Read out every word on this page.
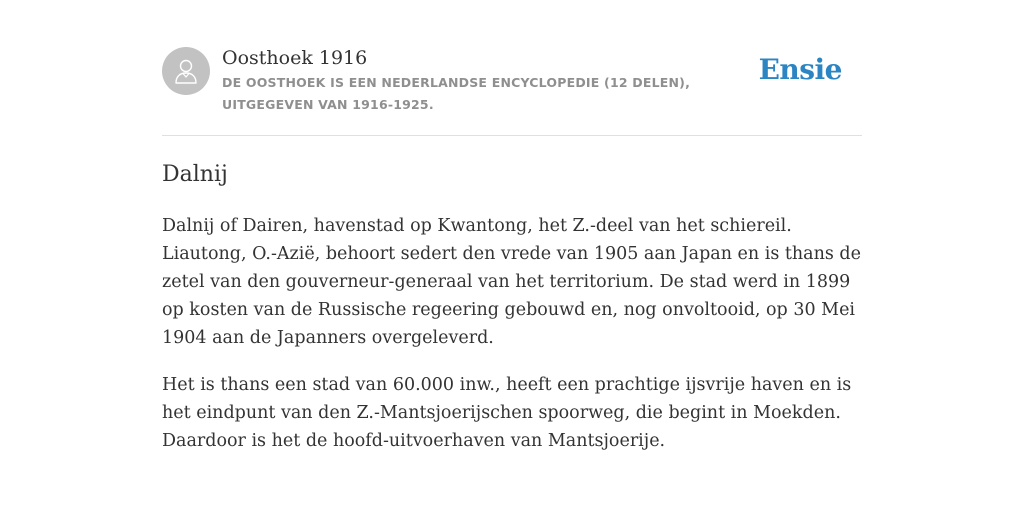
Oosthoek 1916
DE OOSTHOEK IS EEN NEDERLANDSE ENCYCLOPEDIE (12 DELEN), UITGEGEVEN VAN 1916-1925.
Ensie
Dalnij

Dalnij of Dairen, havenstad op Kwantong, het Z.-deel van het schiereil. Liautong, O.-Azië, behoort sedert den vrede van 1905 aan Japan en is thans de zetel van den gouverneur-generaal van het territorium. De stad werd in 1899 op kosten van de Russische regeering gebouwd en, nog onvoltooid, op 30 Mei 1904 aan de Japanners overgeleverd.

Het is thans een stad van 60.000 inw., heeft een prachtige ijsvrije haven en is het eindpunt van den Z.-Mantsjoerijschen spoorweg, die begint in Moekden. Daardoor is het de hoofd-uitvoerhaven van Mantsjoerije.
